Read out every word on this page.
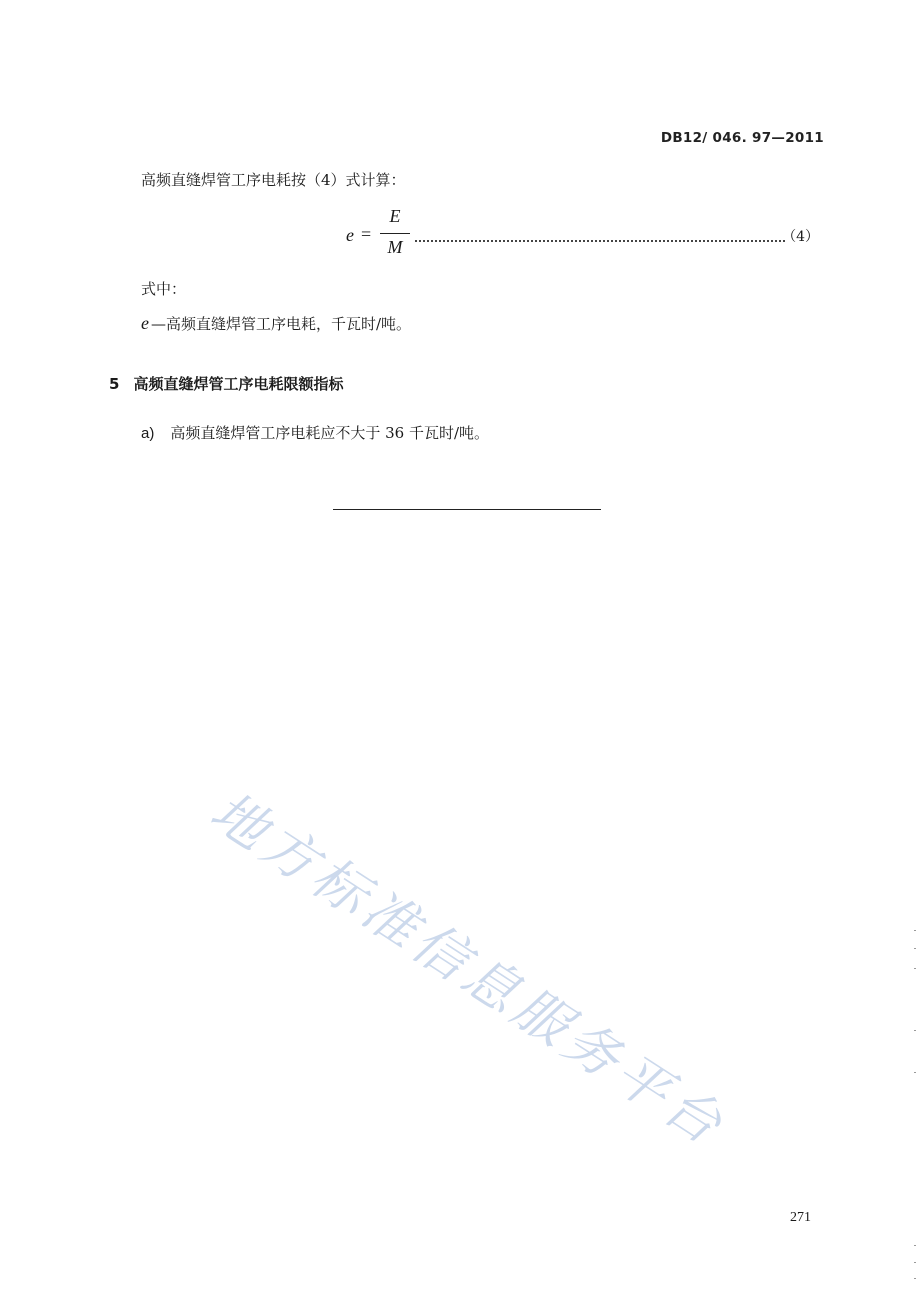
DB12/ 046. 97—2011
高频直缝焊管工序电耗按（4）式计算：
e =
E
M	（4）
式中：
e —高频直缝焊管工序电耗，千瓦时/吨。
5 高频直缝焊管工序电耗限额指标
a) 高频直缝焊管工序电耗应不大于 36 千瓦时/吨。
地方标准信息服务平台
271
